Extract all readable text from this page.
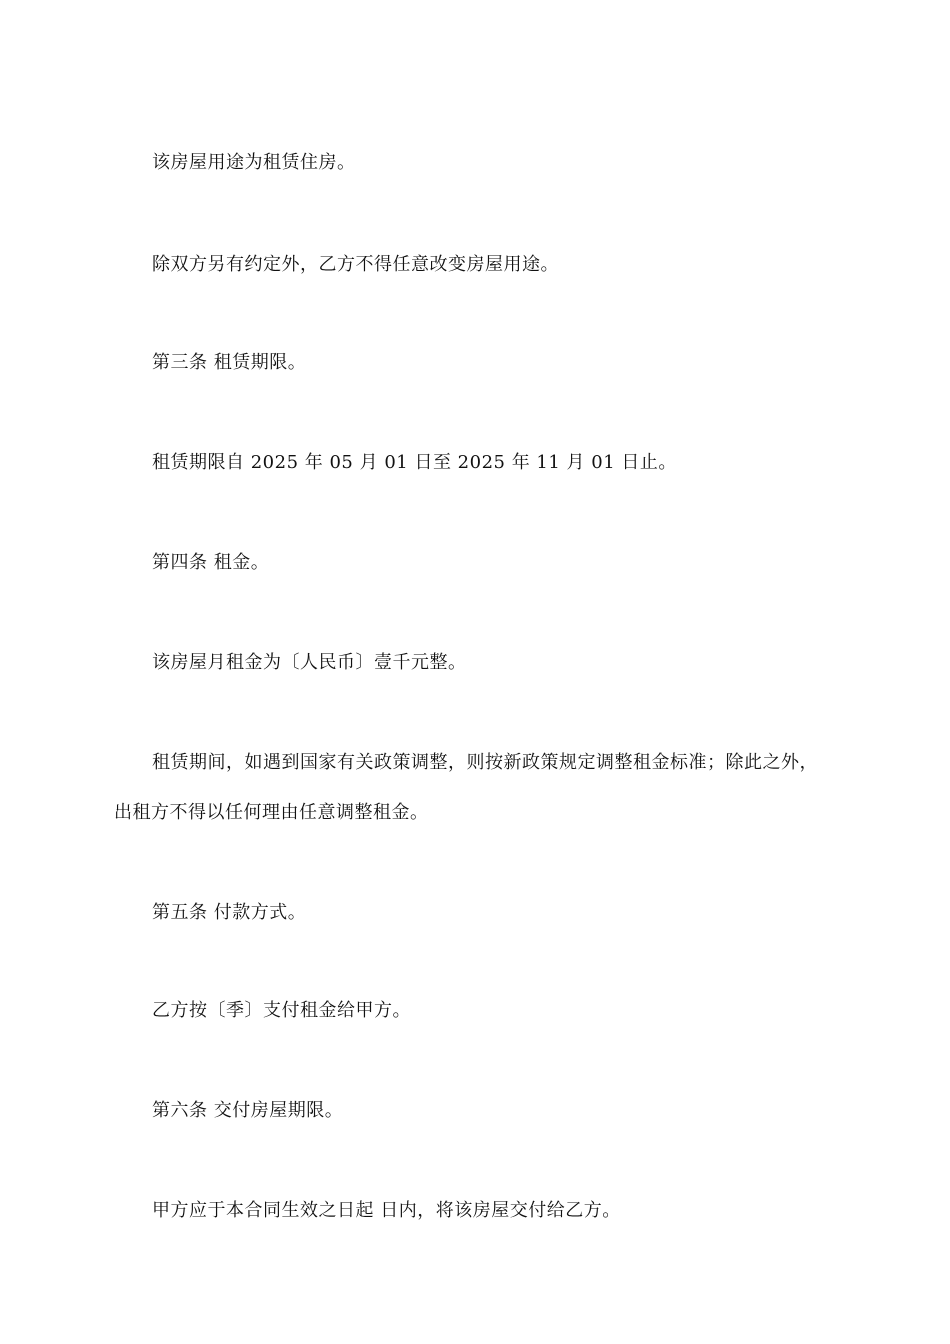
该房屋用途为租赁住房。
除双方另有约定外，乙方不得任意改变房屋用途。
第三条 租赁期限。
租赁期限自 2025 年 05 月 01 日至 2025 年 11 月 01 日止。
第四条 租金。
该房屋月租金为〔人民币〕壹千元整。
租赁期间，如遇到国家有关政策调整，则按新政策规定调整租金标准；除此之外，
出租方不得以任何理由任意调整租金。
第五条 付款方式。
乙方按〔季〕支付租金给甲方。
第六条 交付房屋期限。
甲方应于本合同生效之日起 日内，将该房屋交付给乙方。
